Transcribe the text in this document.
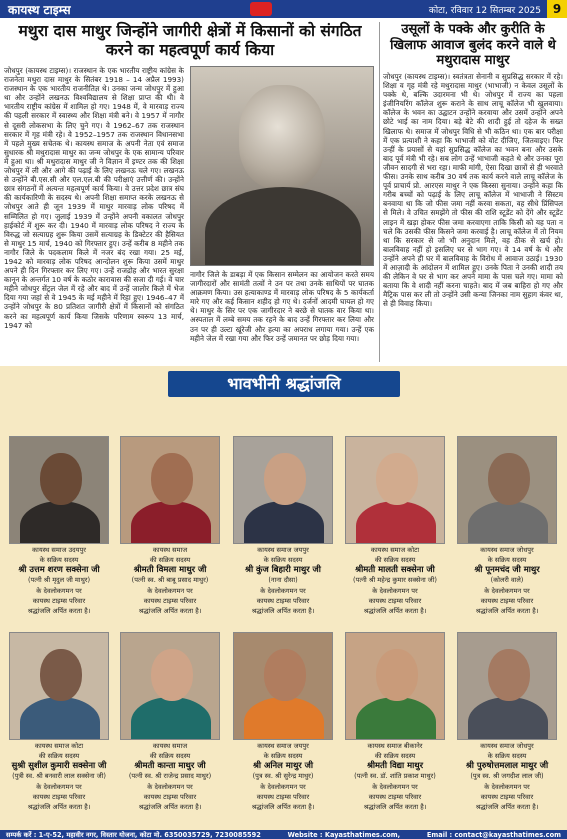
कायस्थ टाइम्स	कोटा, रविवार 12 सितम्बर 2025 9
मथुरा दास माथुर जिन्होंने जागीरी क्षेत्रों में किसानों को संगठित करने का महत्वपूर्ण कार्य किया
जोधपुर (कायस्थ टाइम्स)। राजस्थान के एक भारतीय राष्ट्रीय कांग्रेस के राजनेता मथुरा दास माथुर के सितंबर 1918 – 14 अप्रैल 1993) राजस्थान के एक भारतीय राजनीतिज्ञ थे। उनका जन्म जोधपुर में हुआ था और उन्होंने लखनऊ विश्वविद्यालय से शिक्षा प्राप्त की थी। वे भारतीय राष्ट्रीय कांग्रेस में शामिल हो गए। 1948 में, वे मारवाड़ राज्य की पहली सरकार में स्वास्थ्य और शिक्षा मंत्री बने। वे 1957 में नागौर से दूसरी लोकसभा के लिए चुने गए। वे 1962–67 तक राजस्थान सरकार में गृह मंत्री रहे। वे 1952–1957 तक राजस्थान विधानसभा में पहले मुख्य सचेतक थे। कायस्थ समाज के अपनी नेता एवं समाज सुधारक श्री मथुरादास माथुर का जन्म जोधपुर के एक सामान्य परिवार में हुआ था। श्री मथुरादास माथुर जी ने विज्ञान में इण्टर तक की शिक्षा जोधपुर में ली और आगे की पढ़ाई के लिए लखनऊ चले गए। लखनऊ से उन्होंने बी.एस.सी और एल.एल.बी की परीक्षाएं उत्तीर्ण की। उन्होंने छात्र संगठनों में अत्यन्त महत्वपूर्ण कार्य किया। वे उत्तर प्रदेश छात्र संघ की कार्यकारिणी के सदस्य थे। अपनी शिक्षा समाप्त करके लखनऊ से जोधपुर आते ही जून 1939 में माथुर मारवाड़ लोक परिषद में सम्मिलित हो गए। जुलाई 1939 में उन्होंने अपनी वकालत जोधपुर हाईकोर्ट में शुरू कर दी। 1940 में मारवाड़ लोक परिषद ने राज्य के विरुद्ध जो सत्याग्रह शुरू किया उसमें सत्याग्रह के डिक्टेटर की हैसियत से माथुर 15 मार्च, 1940 को गिरफ्तार हुए। उन्हें करीब 8 महीने तक नागौर जिले के पदकलाम किले में नजर बंद रखा गया। 25 मई, 1942 को मारवाड़ लोक परिषद आन्दोलन शुरू किया उसमें माथुर अपने ही दिन गिरफ्तार कर लिए गए। उन्हें राजद्रोह और भारत सुरक्षा कानून के अन्तर्गत 10 वर्ष के कठोर कारावास की सजा दी गई। वे चार महीने जोधपुर सेंट्रल जेल में रहे और बाद में उन्हें जालोर किले में भेज दिया गया जहां से वे 1945 के मई महीने में रिहा हुए। 1946–47 में उन्होंने जोधपुर के 80 प्रतिशत जागीरी क्षेत्रों में किसानों को संगठित करने का महत्वपूर्ण कार्य किया जिसके परिणाम स्वरूप 13 मार्च, 1947 को
नागौर जिले के डाबड़ा में एक किसान सम्मेलन का आयोजन करते समय जागीरदारों और सामंती तत्वों ने उन पर तथा उनके साथियों पर घातक आक्रमण किया। उस हत्याकाण्ड में मारवाड़ लोक परिषद के 5 कार्यकर्ता मारे गए और कई किसान शहीद हो गए थे। दर्जनों आदमी घायल हो गए थे। माथुर के सिर पर एक जागीरदार ने बरछे से घातक वार किया था। अस्पताल में लम्बे समय तक रहने के बाद उन्हें गिरफ्तार कर लिया और उन पर ही उल्टा खूंरेजी और हत्या का अपराध लगाया गया। उन्हें एक महीने जेल में रखा गया और फिर उन्हें जमानत पर छोड़ दिया गया।
उसूलों के पक्के और कुरीति के खिलाफ आवाज बुलंद करने वाले थे मथुरादास माथुर
जोधपुर (कायस्थ टाइम्स)। स्वतंत्रता सेनानी व सुप्रसिद्ध सरकार में रहे। शिक्षा व गृह मंत्री रहे मथुरादास माथुर (भाभाजी) न केवल उसूलों के पक्के थे, बल्कि उदारमना भी थे। जोधपुर में राज्य का पहला इंजीनियरिंग कॉलेज शुरू कराने के साथ लाचू कॉलेज भी खुलवाया। कॉलेज के भवन का उद्घाटन उन्होंने करवाया और उसमें उन्होंने अपने छोटे भाई का नाम दिया। बड़े बेटे की शादी हुई तो दहेज के सख्त खिलाफ थे। समाज में जोधपुर विधि से भी कठिन था। एक बार परीक्षा में एक प्रत्याशी ने कहा कि भाभाजी को वोट दीजिए, जितवाइए। फिर उन्हीं के प्रयासों से यहां सुप्रसिद्ध कॉलेज का भवन बना और उसके बाद पूर्व मंत्री भी रहे। सब लोग उन्हें भाभाजी कहते थे और उनका पूरा जीवन सादगी से भरा रहा। माफी मांगी, ऐसा दिखा छात्रों से ही भरवाते फीस। उनके साथ करीब 30 वर्ष तक कार्य करने वाले लाचू कॉलेज के पूर्व प्राचार्य प्रो. आरएस माथुर ने एक किस्सा सुनाया। उन्होंने कहा कि गरीब बच्चों को पढ़ाई के लिए लाचू कॉलेज में भाभाजी ने सिस्टम बनवाया था कि जो फीस जमा नहीं करवा सकता, वह सीधे प्रिंसिपल से मिले। वे उचित समझेंगे तो फीस की राशि स्टूडेंट को देंगे और स्टूडेंट लाइन में खड़ा होकर फीस जमा करवाएगा ताकि किसी को यह पता न चले कि उसकी फीस किसने जमा करवाई है। लाचू कॉलेज में तो नियम था कि सरकार से जो भी अनुदान मिले, वह ठीक से खर्च हो। बालविवाह नहीं हो इसलिए घर से भाग गए। वे 14 वर्ष के थे और उन्होंने अपने ही घर में बालविवाह के विरोध में आवाज उठाई। 1930 में आज़ादी के आंदोलन में शामिल हुए। उनके पिता ने उनकी शादी तय की लेकिन वे घर से भाग कर अपने मामा के पास चले गए। मामा को बताया कि वे शादी नहीं करना चाहते। बाद में जब बाहिरा हो गए और मैट्रिक पास कर ली तो उन्होंने उसी कन्या जिनका नाम सुहाग कंवर था, से ही विवाह किया।
भावभीनी श्रद्धांजलि
कायस्थ समाज उदयपुर
के सक्रिय सदस्य
श्री उत्तम शरण सक्सेना जी
(पत्नी श्री मृदुल जी माथुर)
के देवलोकगमन पर
कायस्थ टाइम्स परिवार
श्रद्धांजलि अर्पित करता है।
कायस्थ समाज
की सक्रिय सदस्य
श्रीमती विमला माथुर जी
(पत्नी स्व. श्री बाबू प्रसाद माथुर)
के देवलोकगमन पर
कायस्थ टाइम्स परिवार
श्रद्धांजलि अर्पित करता है।
कायस्थ समाज जयपुर
के सक्रिय सदस्य
श्री कुंज बिहारी माथुर जी
(नाना दौसा)
के देवलोकगमन पर
कायस्थ टाइम्स परिवार
श्रद्धांजलि अर्पित करता है।
कायस्थ समाज कोटा
की सक्रिय सदस्य
श्रीमती मालती सक्सेना जी
(पत्नी श्री महेन्द्र कुमार सक्सेना जी)
के देवलोकगमन पर
कायस्थ टाइम्स परिवार
श्रद्धांजलि अर्पित करता है।
कायस्थ समाज जोधपुर
के सक्रिय सदस्य
श्री पूनमचंद जी माथुर
(कोलरी वाले)
के देवलोकगमन पर
कायस्थ टाइम्स परिवार
श्रद्धांजलि अर्पित करता है।
कायस्थ समाज कोटा
की सक्रिय सदस्य
सुश्री सुशील कुमारी सक्सेना जी
(पुत्री स्व. श्री बनवारी लाल सक्सेना जी)
के देवलोकगमन पर
कायस्थ टाइम्स परिवार
श्रद्धांजलि अर्पित करता है।
कायस्थ समाज
की सक्रिय सदस्य
श्रीमती कान्ता माथुर जी
(पत्नी स्व. श्री राजेन्द्र प्रसाद माथुर)
के देवलोकगमन पर
कायस्थ टाइम्स परिवार
श्रद्धांजलि अर्पित करता है।
कायस्थ समाज जयपुर
के सक्रिय सदस्य
श्री अनिल माथुर जी
(पुत्र स्व. श्री सुरेन्द्र माथुर)
के देवलोकगमन पर
कायस्थ टाइम्स परिवार
श्रद्धांजलि अर्पित करता है।
कायस्थ समाज बीकानेर
की सक्रिय सदस्य
श्रीमती विद्या माथुर
(पत्नी स्व. डॉ. शांति प्रकाश माथुर)
के देवलोकगमन पर
कायस्थ टाइम्स परिवार
श्रद्धांजलि अर्पित करता है।
कायस्थ समाज जोधपुर
के सक्रिय सदस्य
श्री पुरुषोत्तमलाल माथुर जी
(पुत्र स्व. श्री जगदीश लाल जी)
के देवलोकगमन पर
कायस्थ टाइम्स परिवार
श्रद्धांजलि अर्पित करता है।
सम्पर्क करें : 1-ए-52, महावीर नगर, विस्तार योजना, कोटा मो. 6350035729, 7230085592	Website : Kayasthatimes.com,	Email : contact@kayasthatimes.com
